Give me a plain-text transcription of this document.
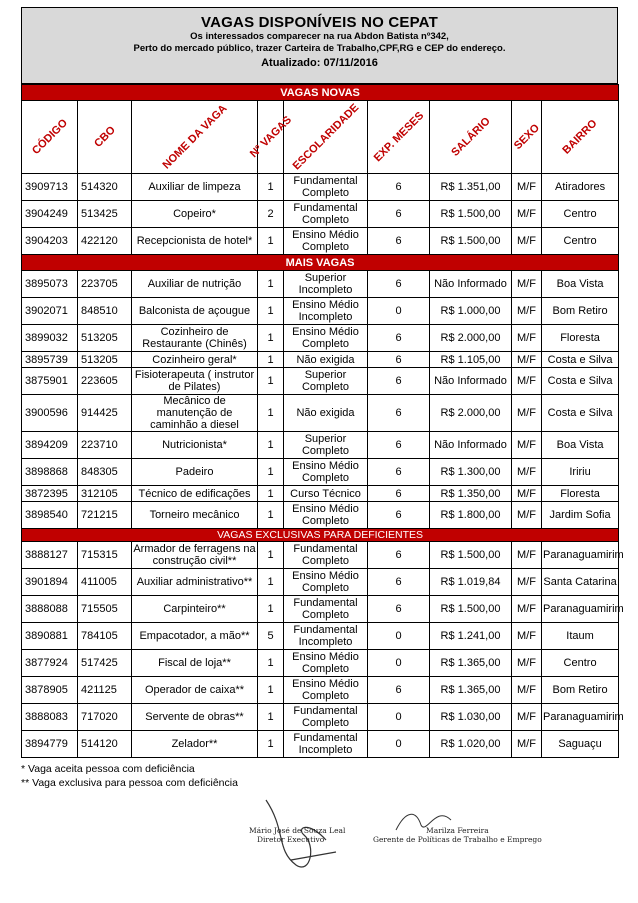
VAGAS DISPONÍVEIS NO CEPAT
Os interessados comparecer na rua Abdon Batista nº342,
Perto do mercado público, trazer Carteira de Trabalho,CPF,RG e CEP do endereço.
Atualizado: 07/11/2016
VAGAS NOVAS								

CÓDIGO	CBO	NOME DA VAGA	Nº VAGAS	ESCOLARIDADE	EXP. MESES	SALÁRIO	SEXO	BAIRRO

3909713	514320	Auxiliar de limpeza	1	Fundamental Completo	6	R$ 1.351,00	M/F	Atiradores
3904249	513425	Copeiro*	2	Fundamental Completo	6	R$ 1.500,00	M/F	Centro
3904203	422120	Recepcionista de hotel*	1	Ensino Médio Completo	6	R$ 1.500,00	M/F	Centro
MAIS VAGAS								
3895073	223705	Auxiliar de nutrição	1	Superior Incompleto	6	Não Informado	M/F	Boa Vista
3902071	848510	Balconista de açougue	1	Ensino Médio Incompleto	0	R$ 1.000,00	M/F	Bom Retiro
3899032	513205	Cozinheiro de Restaurante (Chinês)	1	Ensino Médio Completo	6	R$ 2.000,00	M/F	Floresta
3895739	513205	Cozinheiro geral*	1	Não exigida	6	R$ 1.105,00	M/F	Costa e Silva
3875901	223605	Fisioterapeuta ( instrutor de Pilates)	1	Superior Completo	6	Não Informado	M/F	Costa e Silva
3900596	914425	Mecânico de manutenção de caminhão a diesel	1	Não exigida	6	R$ 2.000,00	M/F	Costa e Silva
3894209	223710	Nutricionista*	1	Superior Completo	6	Não Informado	M/F	Boa Vista
3898868	848305	Padeiro	1	Ensino Médio Completo	6	R$ 1.300,00	M/F	Iririu
3872395	312105	Técnico de edificações	1	Curso Técnico	6	R$ 1.350,00	M/F	Floresta
3898540	721215	Torneiro mecânico	1	Ensino Médio Completo	6	R$ 1.800,00	M/F	Jardim Sofia
VAGAS EXCLUSIVAS PARA DEFICIENTES								
3888127	715315	Armador de ferragens na construção civil**	1	Fundamental Completo	6	R$ 1.500,00	M/F	Paranaguamirim
3901894	411005	Auxiliar administrativo**	1	Ensino Médio Completo	6	R$ 1.019,84	M/F	Santa Catarina
3888088	715505	Carpinteiro**	1	Fundamental Completo	6	R$ 1.500,00	M/F	Paranaguamirim
3890881	784105	Empacotador, a mão**	5	Fundamental Incompleto	0	R$ 1.241,00	M/F	Itaum
3877924	517425	Fiscal de loja**	1	Ensino Médio Completo	0	R$ 1.365,00	M/F	Centro
3878905	421125	Operador de caixa**	1	Ensino Médio Completo	6	R$ 1.365,00	M/F	Bom Retiro
3888083	717020	Servente de obras**	1	Fundamental Completo	0	R$ 1.030,00	M/F	Paranaguamirim
3894779	514120	Zelador**	1	Fundamental Incompleto	0	R$ 1.020,00	M/F	Saguaçu
* Vaga aceita pessoa com deficiência
** Vaga exclusiva para pessoa com deficiência
Mário José de Souza Leal
Diretor Executivo
Marilza Ferreira
Gerente de Políticas de Trabalho e Emprego
